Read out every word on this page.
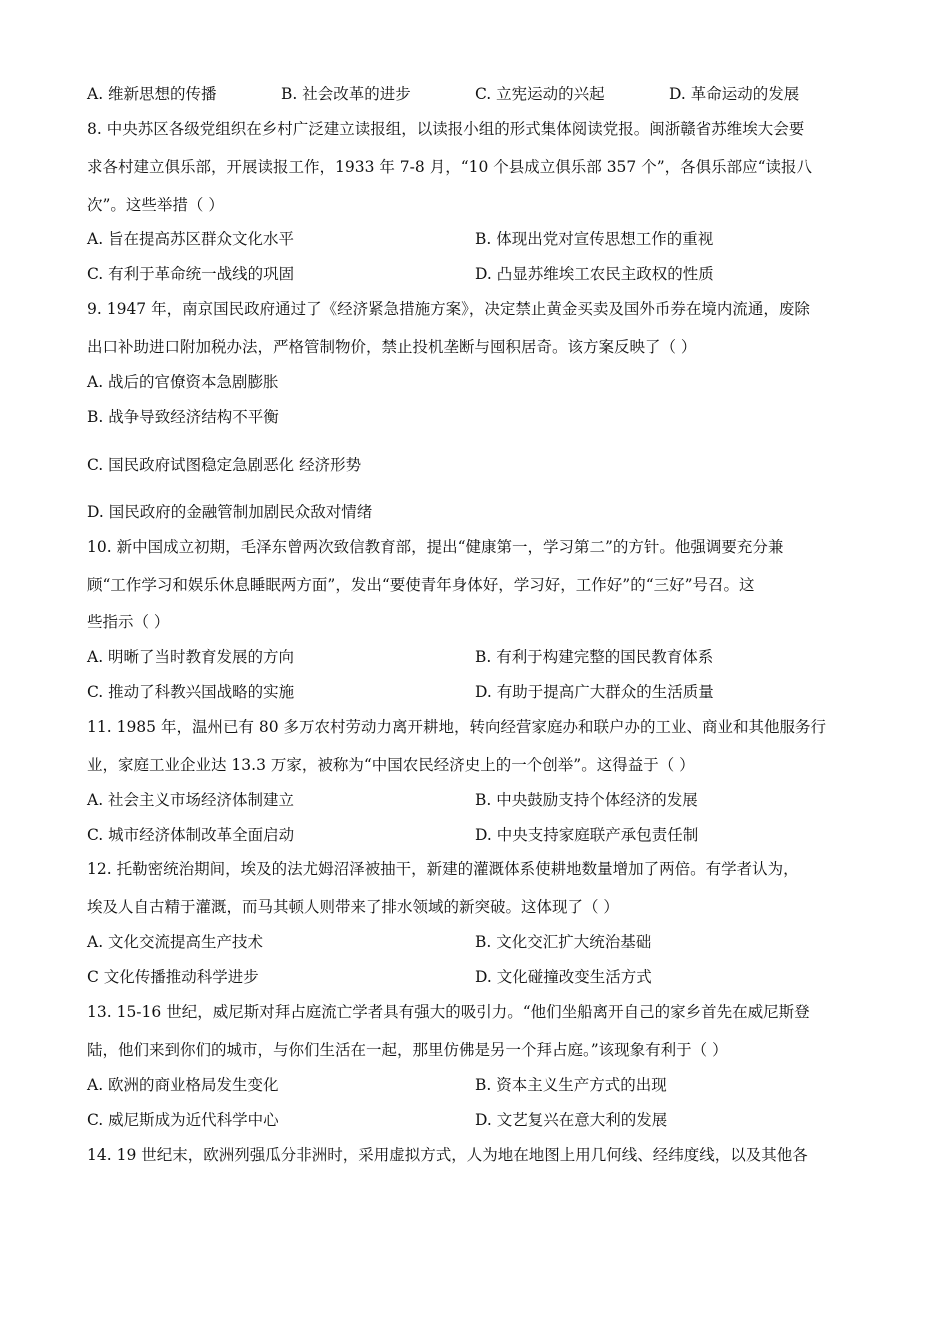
A. 维新思想的传播	B. 社会改革的进步	C. 立宪运动的兴起	D. 革命运动的发展
8. 中央苏区各级党组织在乡村广泛建立读报组，以读报小组的形式集体阅读党报。闽浙赣省苏维埃大会要
求各村建立俱乐部，开展读报工作，1933 年 7-8 月，“10 个县成立俱乐部 357 个”，各俱乐部应“读报八
次”。这些举措（ ）
A. 旨在提高苏区群众文化水平	B. 体现出党对宣传思想工作的重视
C. 有利于革命统一战线的巩固	D. 凸显苏维埃工农民主政权的性质
9. 1947 年，南京国民政府通过了《经济紧急措施方案》，决定禁止黄金买卖及国外币券在境内流通，废除
出口补助进口附加税办法，严格管制物价，禁止投机垄断与囤积居奇。该方案反映了（ ）
A. 战后的官僚资本急剧膨胀
B. 战争导致经济结构不平衡
C. 国民政府试图稳定急剧恶化 经济形势
D. 国民政府的金融管制加剧民众敌对情绪
10. 新中国成立初期，毛泽东曾两次致信教育部，提出“健康第一，学习第二”的方针。他强调要充分兼
顾“工作学习和娱乐休息睡眠两方面”，发出“要使青年身体好，学习好，工作好”的“三好”号召。这
些指示（ ）
A. 明晰了当时教育发展的方向	B. 有利于构建完整的国民教育体系
C. 推动了科教兴国战略的实施	D. 有助于提高广大群众的生活质量
11. 1985 年，温州已有 80 多万农村劳动力离开耕地，转向经营家庭办和联户办的工业、商业和其他服务行
业，家庭工业企业达 13.3 万家，被称为“中国农民经济史上的一个创举”。这得益于（ ）
A. 社会主义市场经济体制建立	B. 中央鼓励支持个体经济的发展
C. 城市经济体制改革全面启动	D. 中央支持家庭联产承包责任制
12. 托勒密统治期间，埃及的法尤姆沼泽被抽干，新建的灌溉体系使耕地数量增加了两倍。有学者认为，
埃及人自古精于灌溉，而马其顿人则带来了排水领域的新突破。这体现了（ ）
A. 文化交流提高生产技术	B. 文化交汇扩大统治基础
C 文化传播推动科学进步	D. 文化碰撞改变生活方式
13. 15-16 世纪，威尼斯对拜占庭流亡学者具有强大的吸引力。“他们坐船离开自己的家乡首先在威尼斯登
陆，他们来到你们的城市，与你们生活在一起，那里仿佛是另一个拜占庭。”该现象有利于（ ）
A. 欧洲的商业格局发生变化	B. 资本主义生产方式的出现
C. 威尼斯成为近代科学中心	D. 文艺复兴在意大利的发展
14. 19 世纪末，欧洲列强瓜分非洲时，采用虚拟方式，人为地在地图上用几何线、经纬度线，以及其他各
